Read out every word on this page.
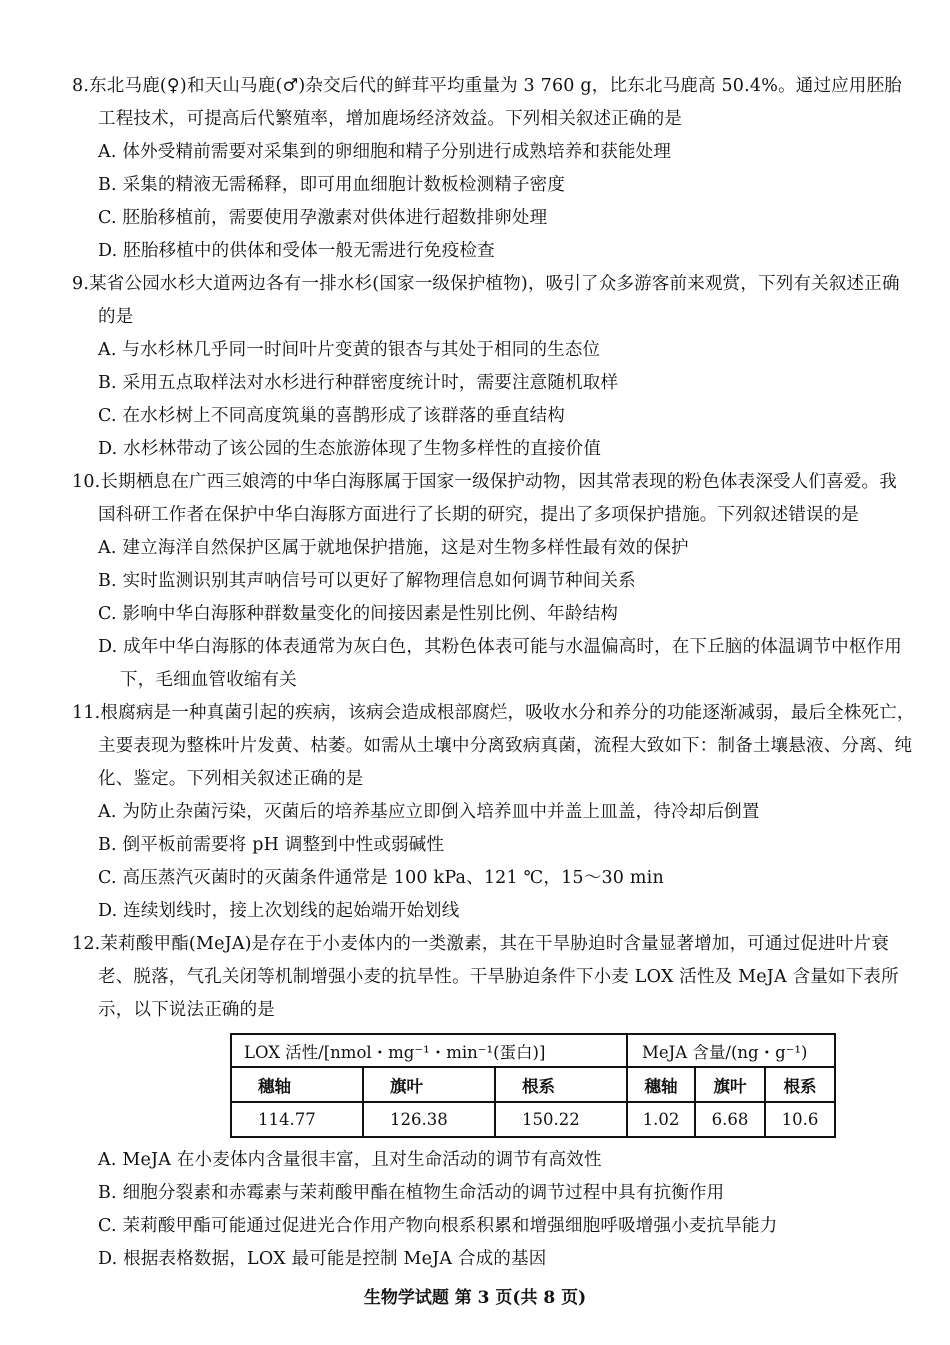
8.东北马鹿(♀)和天山马鹿(♂)杂交后代的鲜茸平均重量为 3 760 g，比东北马鹿高 50.4%。通过应用胚胎
工程技术，可提高后代繁殖率，增加鹿场经济效益。下列相关叙述正确的是
A. 体外受精前需要对采集到的卵细胞和精子分别进行成熟培养和获能处理
B. 采集的精液无需稀释，即可用血细胞计数板检测精子密度
C. 胚胎移植前，需要使用孕激素对供体进行超数排卵处理
D. 胚胎移植中的供体和受体一般无需进行免疫检查
9.某省公园水杉大道两边各有一排水杉(国家一级保护植物)，吸引了众多游客前来观赏，下列有关叙述正确
的是
A. 与水杉林几乎同一时间叶片变黄的银杏与其处于相同的生态位
B. 采用五点取样法对水杉进行种群密度统计时，需要注意随机取样
C. 在水杉树上不同高度筑巢的喜鹊形成了该群落的垂直结构
D. 水杉林带动了该公园的生态旅游体现了生物多样性的直接价值
10.长期栖息在广西三娘湾的中华白海豚属于国家一级保护动物，因其常表现的粉色体表深受人们喜爱。我
国科研工作者在保护中华白海豚方面进行了长期的研究，提出了多项保护措施。下列叙述错误的是
A. 建立海洋自然保护区属于就地保护措施，这是对生物多样性最有效的保护
B. 实时监测识别其声呐信号可以更好了解物理信息如何调节种间关系
C. 影响中华白海豚种群数量变化的间接因素是性别比例、年龄结构
D. 成年中华白海豚的体表通常为灰白色，其粉色体表可能与水温偏高时，在下丘脑的体温调节中枢作用
下，毛细血管收缩有关
11.根腐病是一种真菌引起的疾病，该病会造成根部腐烂，吸收水分和养分的功能逐渐减弱，最后全株死亡，
主要表现为整株叶片发黄、枯萎。如需从土壤中分离致病真菌，流程大致如下：制备土壤悬液、分离、纯
化、鉴定。下列相关叙述正确的是
A. 为防止杂菌污染，灭菌后的培养基应立即倒入培养皿中并盖上皿盖，待冷却后倒置
B. 倒平板前需要将 pH 调整到中性或弱碱性
C. 高压蒸汽灭菌时的灭菌条件通常是 100 kPa、121 ℃，15～30 min
D. 连续划线时，接上次划线的起始端开始划线
12.茉莉酸甲酯(MeJA)是存在于小麦体内的一类激素，其在干旱胁迫时含量显著增加，可通过促进叶片衰
老、脱落，气孔关闭等机制增强小麦的抗旱性。干旱胁迫条件下小麦 LOX 活性及 MeJA 含量如下表所
示，以下说法正确的是
LOX 活性/[nmol・mg⁻¹・min⁻¹(蛋白)]			MeJA 含量/(ng・g⁻¹)		
穗轴	旗叶	根系	穗轴	旗叶	根系
114.77	126.38	150.22	1.02	6.68	10.6
A. MeJA 在小麦体内含量很丰富，且对生命活动的调节有高效性
B. 细胞分裂素和赤霉素与茉莉酸甲酯在植物生命活动的调节过程中具有抗衡作用
C. 茉莉酸甲酯可能通过促进光合作用产物向根系积累和增强细胞呼吸增强小麦抗旱能力
D. 根据表格数据，LOX 最可能是控制 MeJA 合成的基因
生物学试题 第 3 页(共 8 页)
